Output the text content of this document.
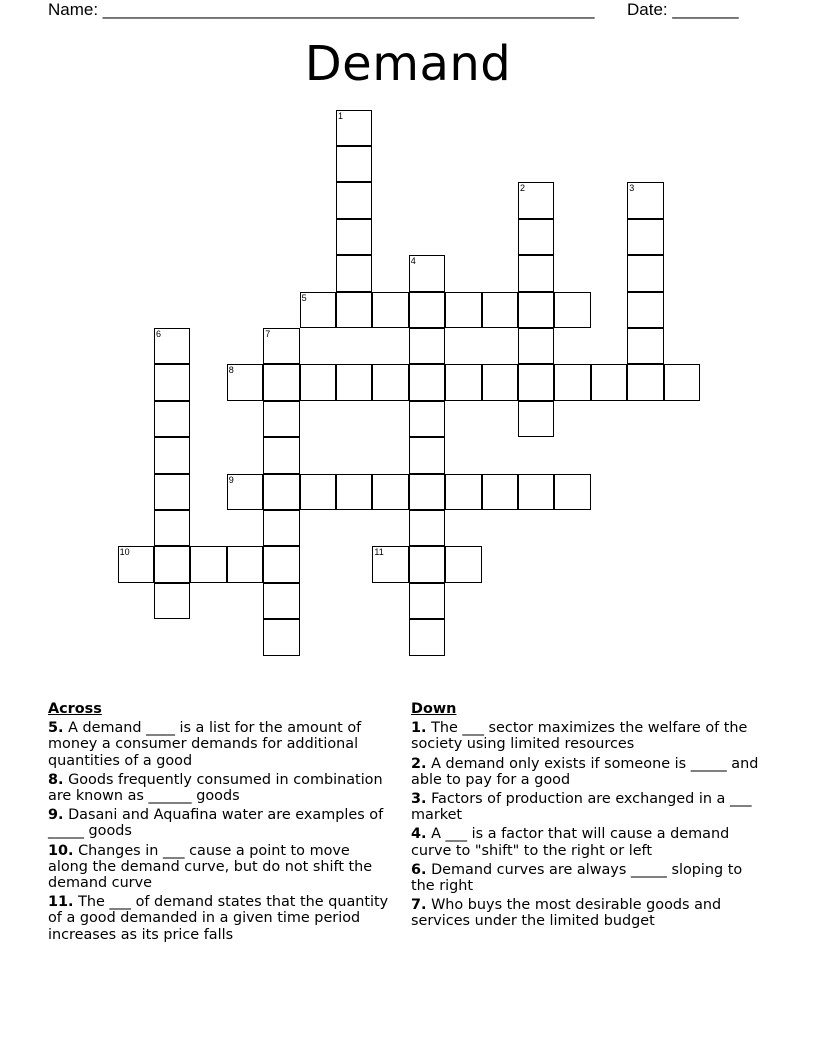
Name: ____________________________________________________ Date: _______
Demand
1
2	3
4
5
6	7
8
9
10	11
Across
5. A demand ____ is a list for the amount of money a consumer demands for additional quantities of a good
8. Goods frequently consumed in combination are known as ______ goods
9. Dasani and Aquafina water are examples of _____ goods
10. Changes in ___ cause a point to move along the demand curve, but do not shift the demand curve
11. The ___ of demand states that the quantity of a good demanded in a given time period increases as its price falls
Down
1. The ___ sector maximizes the welfare of the society using limited resources
2. A demand only exists if someone is _____ and able to pay for a good
3. Factors of production are exchanged in a ___ market
4. A ___ is a factor that will cause a demand curve to "shift" to the right or left
6. Demand curves are always _____ sloping to the right
7. Who buys the most desirable goods and services under the limited budget
